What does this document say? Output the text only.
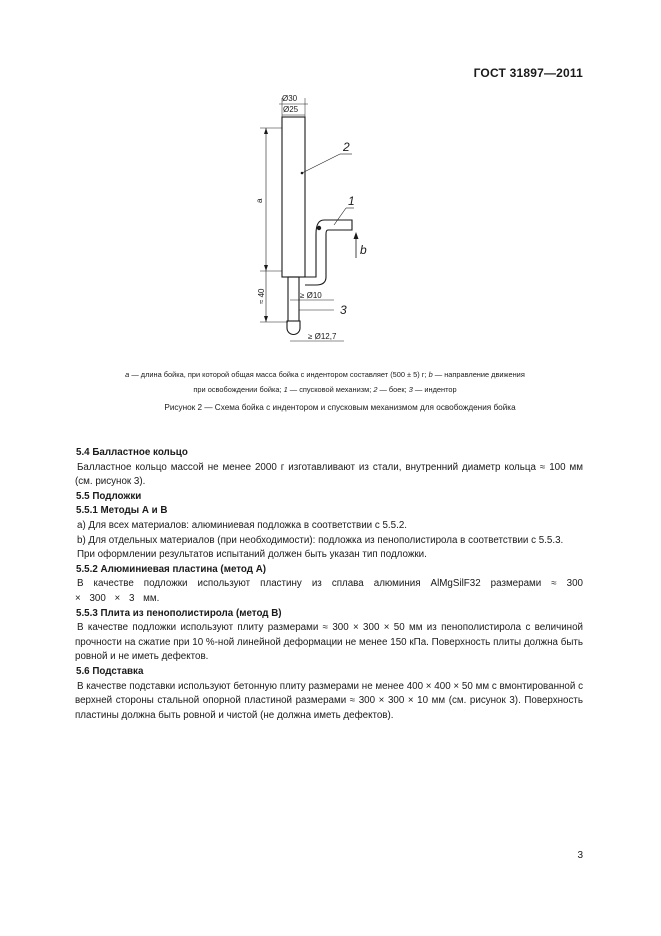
ГОСТ 31897—2011
Ø30
Ø25
a
≈ 40
1
b
2
≥ Ø10
3
≥ Ø12,7
a — длина бойка, при которой общая масса бойка с индентором составляет (500 ± 5) г; b — направление движения
при освобождении бойка; 1 — спусковой механизм; 2 — боек; 3 — индентор
Рисунок 2 — Схема бойка с индентором и спусковым механизмом для освобождения бойка
5.4 Балластное кольцо
Балластное кольцо массой не менее 2000 г изготавливают из стали, внутренний диаметр кольца ≈ 100 мм (см. рисунок 3).
5.5 Подложки
5.5.1 Методы А и В
a) Для всех материалов: алюминиевая подложка в соответствии с 5.5.2.
b) Для отдельных материалов (при необходимости): подложка из пенополистирола в соответствии с 5.5.3.
При оформлении результатов испытаний должен быть указан тип подложки.
5.5.2 Алюминиевая пластина (метод А)
В качестве подложки используют пластину из сплава алюминия AlMgSilF32 размерами ≈ 300 × 300 × 3 мм.
5.5.3 Плита из пенополистирола (метод В)
В качестве подложки используют плиту размерами ≈ 300 × 300 × 50 мм из пенополистирола с величиной прочности на сжатие при 10 %-ной линейной деформации не менее 150 кПа. Поверхность плиты должна быть ровной и не иметь дефектов.
5.6 Подставка
В качестве подставки используют бетонную плиту размерами не менее 400 × 400 × 50 мм с вмонтированной с верхней стороны стальной опорной пластиной размерами ≈ 300 × 300 × 10 мм (см. рисунок 3). Поверхность пластины должна быть ровной и чистой (не должна иметь дефектов).
3
